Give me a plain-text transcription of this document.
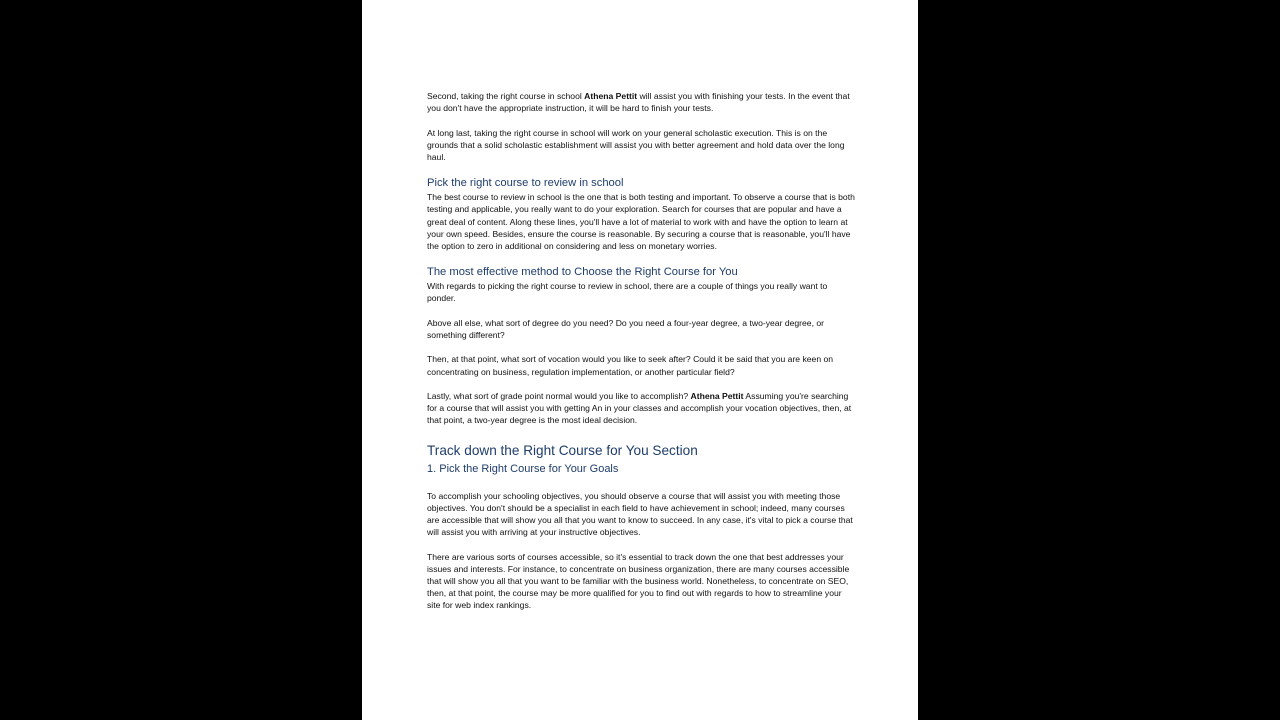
Second, taking the right course in school Athena Pettit will assist you with finishing your tests. In the event that you don't have the appropriate instruction, it will be hard to finish your tests.

At long last, taking the right course in school will work on your general scholastic execution. This is on the grounds that a solid scholastic establishment will assist you with better agreement and hold data over the long haul.

Pick the right course to review in school

The best course to review in school is the one that is both testing and important. To observe a course that is both testing and applicable, you really want to do your exploration. Search for courses that are popular and have a great deal of content. Along these lines, you'll have a lot of material to work with and have the option to learn at your own speed. Besides, ensure the course is reasonable. By securing a course that is reasonable, you'll have the option to zero in additional on considering and less on monetary worries.

The most effective method to Choose the Right Course for You

With regards to picking the right course to review in school, there are a couple of things you really want to ponder.

Above all else, what sort of degree do you need? Do you need a four-year degree, a two-year degree, or something different?

Then, at that point, what sort of vocation would you like to seek after? Could it be said that you are keen on concentrating on business, regulation implementation, or another particular field?

Lastly, what sort of grade point normal would you like to accomplish? Athena Pettit Assuming you're searching for a course that will assist you with getting An in your classes and accomplish your vocation objectives, then, at that point, a two-year degree is the most ideal decision.

Track down the Right Course for You Section
1. Pick the Right Course for Your Goals

To accomplish your schooling objectives, you should observe a course that will assist you with meeting those objectives. You don't should be a specialist in each field to have achievement in school; indeed, many courses are accessible that will show you all that you want to know to succeed. In any case, it's vital to pick a course that will assist you with arriving at your instructive objectives.

There are various sorts of courses accessible, so it's essential to track down the one that best addresses your issues and interests. For instance, to concentrate on business organization, there are many courses accessible that will show you all that you want to be familiar with the business world. Nonetheless, to concentrate on SEO, then, at that point, the course may be more qualified for you to find out with regards to how to streamline your site for web index rankings.
